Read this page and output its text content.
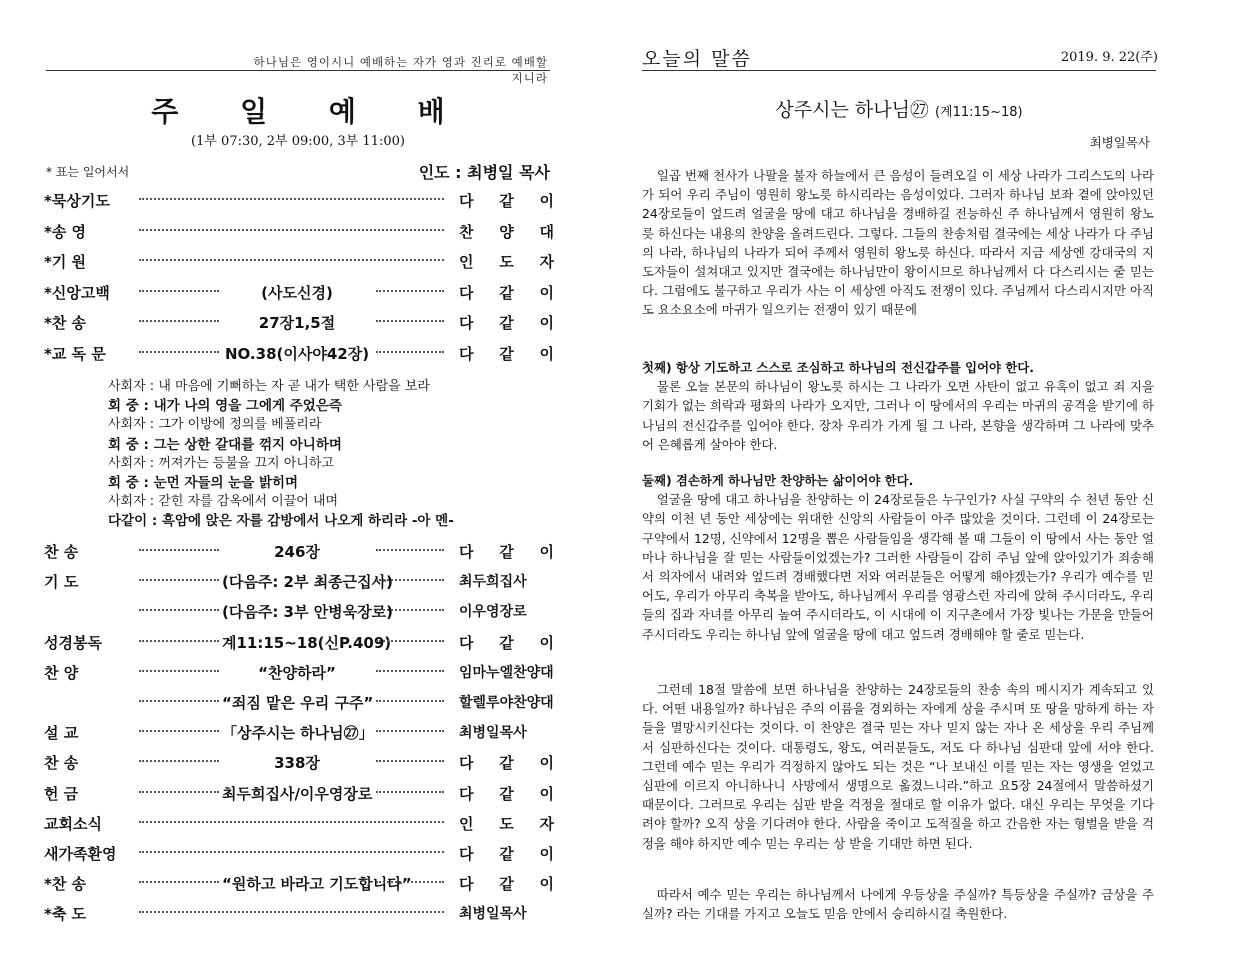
하나님은 영이시니 예배하는 자가 영과 진리로 예배할지니라
주 일 예 배
(1부 07:30, 2부 09:00, 3부 11:00)
* 표는 일어서서	인도 : 최병일 목사
*묵상기도	다 같 이
*송 영	찬 양 대
*기 원	인 도 자
*신앙고백	(사도신경)	다 같 이
*찬 송	27장1,5절	다 같 이
*교 독 문	NO.38(이사야42장)	다 같 이
사회자 : 내 마음에 기뻐하는 자 곧 내가 택한 사람을 보라
회 중 : 내가 나의 영을 그에게 주었은즉
사회자 : 그가 이방에 정의를 베풀리라
회 중 : 그는 상한 갈대를 꺾지 아니하며
사회자 : 꺼져가는 등불을 끄지 아니하고
회 중 : 눈먼 자들의 눈을 밝히며
사회자 : 갇힌 자를 감옥에서 이끌어 내며
다같이 : 흑암에 앉은 자를 감방에서 나오게 하리라 -아 멘-
찬 송	246장	다 같 이
기 도	(다음주: 2부 최종근집사)	최두희집사
(다음주: 3부 안병욱장로)	이우영장로
성경봉독	계11:15~18(신P.409)	다 같 이
찬 양	“찬양하라”	임마누엘찬양대
“죄짐 맡은 우리 구주”	할렐루야찬양대
설 교	「상주시는 하나님㉗」	최병일목사
찬 송	338장	다 같 이
헌 금	최두희집사/이우영장로	다 같 이
교회소식	인 도 자
새가족환영	다 같 이
*찬 송	“원하고 바라고 기도합니다”	다 같 이
*축 도	최병일목사
오늘의 말씀	2019. 9. 22(주)
상주시는 하나님㉗ (계11:15~18)
최병일목사

일곱 번째 천사가 나팔을 불자 하늘에서 큰 음성이 들려오길 이 세상 나라가 그리스도의 나라가 되어 우리 주님이 영원히 왕노릇 하시리라는 음성이었다. 그러자 하나님 보좌 곁에 앉아있던 24장로들이 엎드려 얼굴을 땅에 대고 하나님을 경배하길 전능하신 주 하나님께서 영원히 왕노릇 하신다는 내용의 찬양을 올려드린다. 그렇다. 그들의 찬송처럼 결국에는 세상 나라가 다 주님의 나라, 하나님의 나라가 되어 주께서 영원히 왕노릇 하신다. 따라서 지금 세상엔 강대국의 지도자들이 설쳐대고 있지만 결국에는 하나님만이 왕이시므로 하나님께서 다 다스리시는 줄 믿는다. 그럼에도 불구하고 우리가 사는 이 세상엔 아직도 전쟁이 있다. 주님께서 다스리시지만 아직도 요소요소에 마귀가 일으키는 전쟁이 있기 때문에

첫째) 항상 기도하고 스스로 조심하고 하나님의 전신갑주를 입어야 한다.

물론 오늘 본문의 하나님이 왕노릇 하시는 그 나라가 오면 사탄이 없고 유혹이 없고 죄 지을 기회가 없는 희락과 평화의 나라가 오지만, 그러나 이 땅에서의 우리는 마귀의 공격을 받기에 하나님의 전신갑주를 입어야 한다. 장차 우리가 가게 될 그 나라, 본향을 생각하며 그 나라에 맞추어 은혜롭게 살아야 한다.

둘째) 겸손하게 하나님만 찬양하는 삶이어야 한다.

얼굴을 땅에 대고 하나님을 찬양하는 이 24장로들은 누구인가? 사실 구약의 수 천년 동안 신약의 이천 년 동안 세상에는 위대한 신앙의 사람들이 아주 많았을 것이다. 그런데 이 24장로는 구약에서 12명, 신약에서 12명을 뽑은 사람들임을 생각해 볼 때 그들이 이 땅에서 사는 동안 얼마나 하나님을 잘 믿는 사람들이었겠는가? 그러한 사람들이 감히 주님 앞에 앉아있기가 죄송해서 의자에서 내려와 엎드려 경배했다면 저와 여러분들은 어떻게 해야겠는가? 우리가 예수를 믿어도, 우리가 아무리 축복을 받아도, 하나님께서 우리를 영광스런 자리에 앉혀 주시더라도, 우리들의 집과 자녀를 아무리 높여 주시더라도, 이 시대에 이 지구촌에서 가장 빛나는 가문을 만들어 주시더라도 우리는 하나님 앞에 얼굴을 땅에 대고 엎드려 경배해야 할 줄로 믿는다.

그런데 18절 말씀에 보면 하나님을 찬양하는 24장로들의 찬송 속의 메시지가 계속되고 있다. 어떤 내용일까? 하나님은 주의 이름을 경외하는 자에게 상을 주시며 또 땅을 망하게 하는 자들을 멸망시키신다는 것이다. 이 찬양은 결국 믿는 자나 믿지 않는 자나 온 세상을 우리 주님께서 심판하신다는 것이다. 대통령도, 왕도, 여러분들도, 저도 다 하나님 심판대 앞에 서야 한다. 그런데 예수 믿는 우리가 걱정하지 않아도 되는 것은 “나 보내신 이를 믿는 자는 영생을 얻었고 심판에 이르지 아니하나니 사망에서 생명으로 옮겼느니라.”하고 요5장 24절에서 말씀하셨기 때문이다. 그러므로 우리는 심판 받을 걱정을 절대로 할 이유가 없다. 대신 우리는 무엇을 기다려야 할까? 오직 상을 기다려야 한다. 사람을 죽이고 도적질을 하고 간음한 자는 형벌을 받을 걱정을 해야 하지만 예수 믿는 우리는 상 받을 기대만 하면 된다.

따라서 예수 믿는 우리는 하나님께서 나에게 우등상을 주실까? 특등상을 주실까? 금상을 주실까? 라는 기대를 가지고 오늘도 믿음 안에서 승리하시길 축원한다.
